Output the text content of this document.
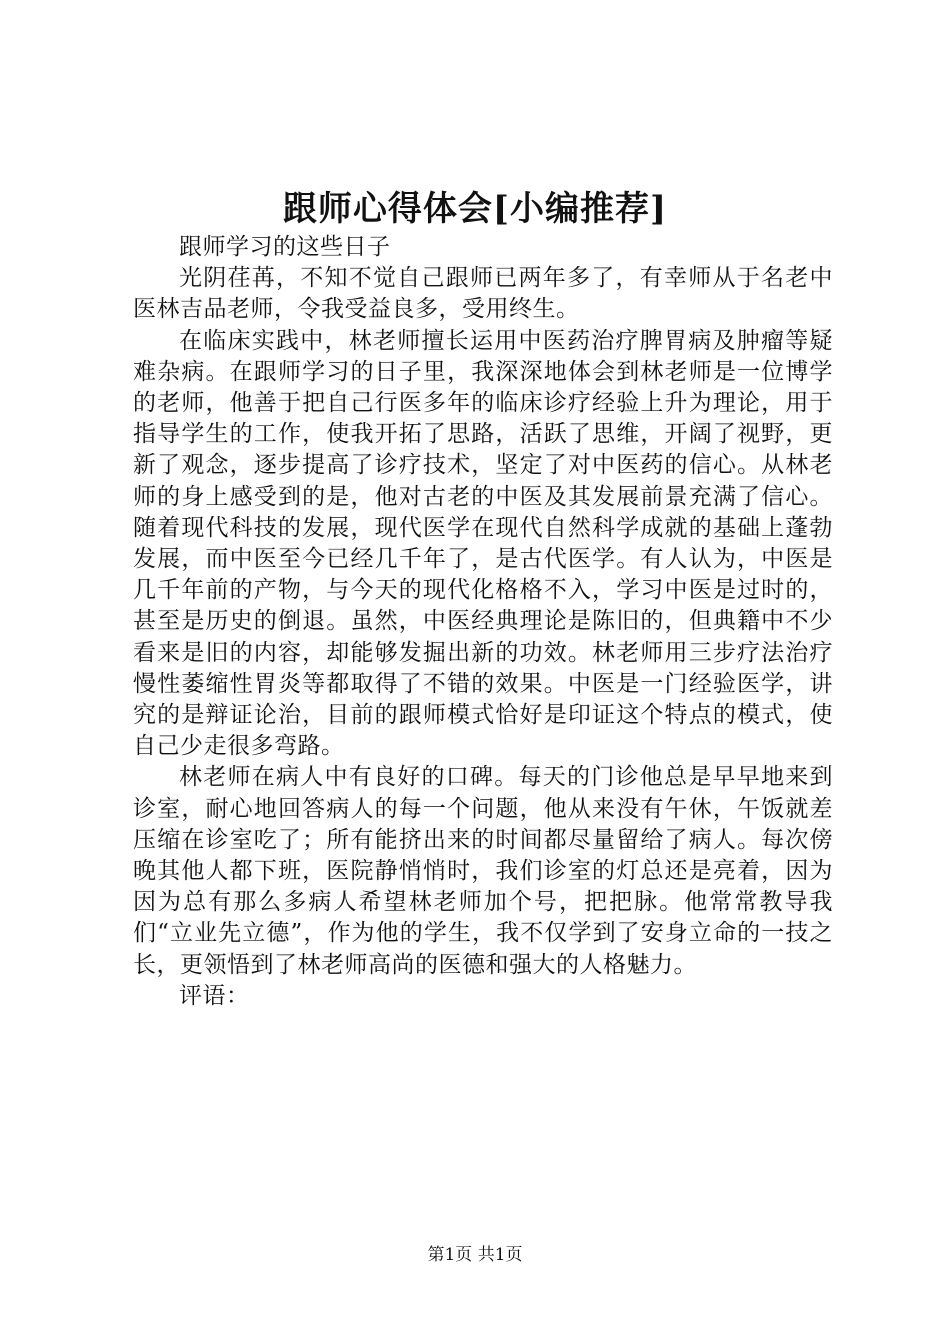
跟师心得体会[小编推荐]

跟师学习的这些日子

光阴荏苒，不知不觉自己跟师已两年多了，有幸师从于名老中医林吉品老师，令我受益良多，受用终生。

在临床实践中，林老师擅长运用中医药治疗脾胃病及肿瘤等疑难杂病。在跟师学习的日子里，我深深地体会到林老师是一位博学的老师，他善于把自己行医多年的临床诊疗经验上升为理论，用于指导学生的工作，使我开拓了思路，活跃了思维，开阔了视野，更新了观念，逐步提高了诊疗技术，坚定了对中医药的信心。从林老师的身上感受到的是，他对古老的中医及其发展前景充满了信心。随着现代科技的发展，现代医学在现代自然科学成就的基础上蓬勃发展，而中医至今已经几千年了，是古代医学。有人认为，中医是几千年前的产物，与今天的现代化格格不入，学习中医是过时的，甚至是历史的倒退。虽然，中医经典理论是陈旧的，但典籍中不少看来是旧的内容，却能够发掘出新的功效。林老师用三步疗法治疗慢性萎缩性胃炎等都取得了不错的效果。中医是一门经验医学，讲究的是辩证论治，目前的跟师模式恰好是印证这个特点的模式，使自己少走很多弯路。

林老师在病人中有良好的口碑。每天的门诊他总是早早地来到诊室，耐心地回答病人的每一个问题，他从来没有午休，午饭就差压缩在诊室吃了；所有能挤出来的时间都尽量留给了病人。每次傍晚其他人都下班，医院静悄悄时，我们诊室的灯总还是亮着，因为因为总有那么多病人希望林老师加个号，把把脉。他常常教导我们“立业先立德”，作为他的学生，我不仅学到了安身立命的一技之长，更领悟到了林老师高尚的医德和强大的人格魅力。

评语：

第1页 共1页
